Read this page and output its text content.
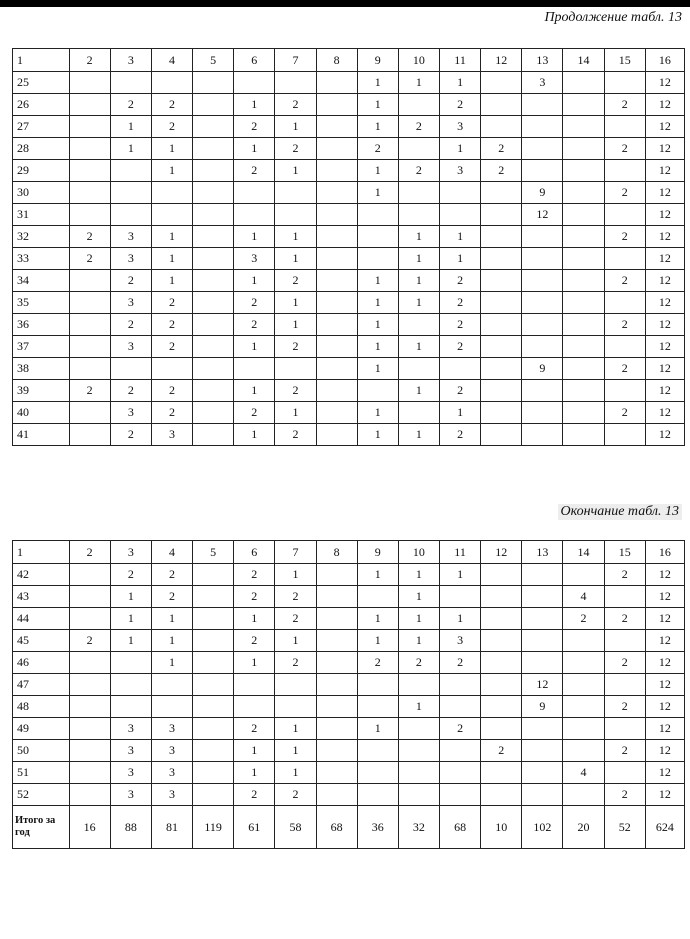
Продолжение табл. 13
1	2	3	4	5	6	7	8	9	10	11	12	13	14	15	16
25								1	1	1		3			12
26		2	2		1	2		1		2				2	12
27		1	2		2	1		1	2	3					12
28		1	1		1	2		2		1	2			2	12
29			1		2	1		1	2	3	2				12
30								1				9		2	12
31												12			12
32	2	3	1		1	1			1	1				2	12
33	2	3	1		3	1			1	1					12
34		2	1		1	2		1	1	2				2	12
35		3	2		2	1		1	1	2					12
36		2	2		2	1		1		2				2	12
37		3	2		1	2		1	1	2					12
38								1				9		2	12
39	2	2	2		1	2			1	2					12
40		3	2		2	1		1		1				2	12
41		2	3		1	2		1	1	2					12
Окончание табл. 13
1	2	3	4	5	6	7	8	9	10	11	12	13	14	15	16
42		2	2		2	1		1	1	1				2	12
43		1	2		2	2			1				4		12
44		1	1		1	2		1	1	1			2	2	12
45	2	1	1		2	1		1	1	3					12
46			1		1	2		2	2	2				2	12
47												12			12
48									1			9		2	12
49		3	3		2	1		1		2					12
50		3	3		1	1					2			2	12
51		3	3		1	1							4		12
52		3	3		2	2								2	12
Итого за год	16	88	81	119	61	58	68	36	32	68	10	102	20	52	624
